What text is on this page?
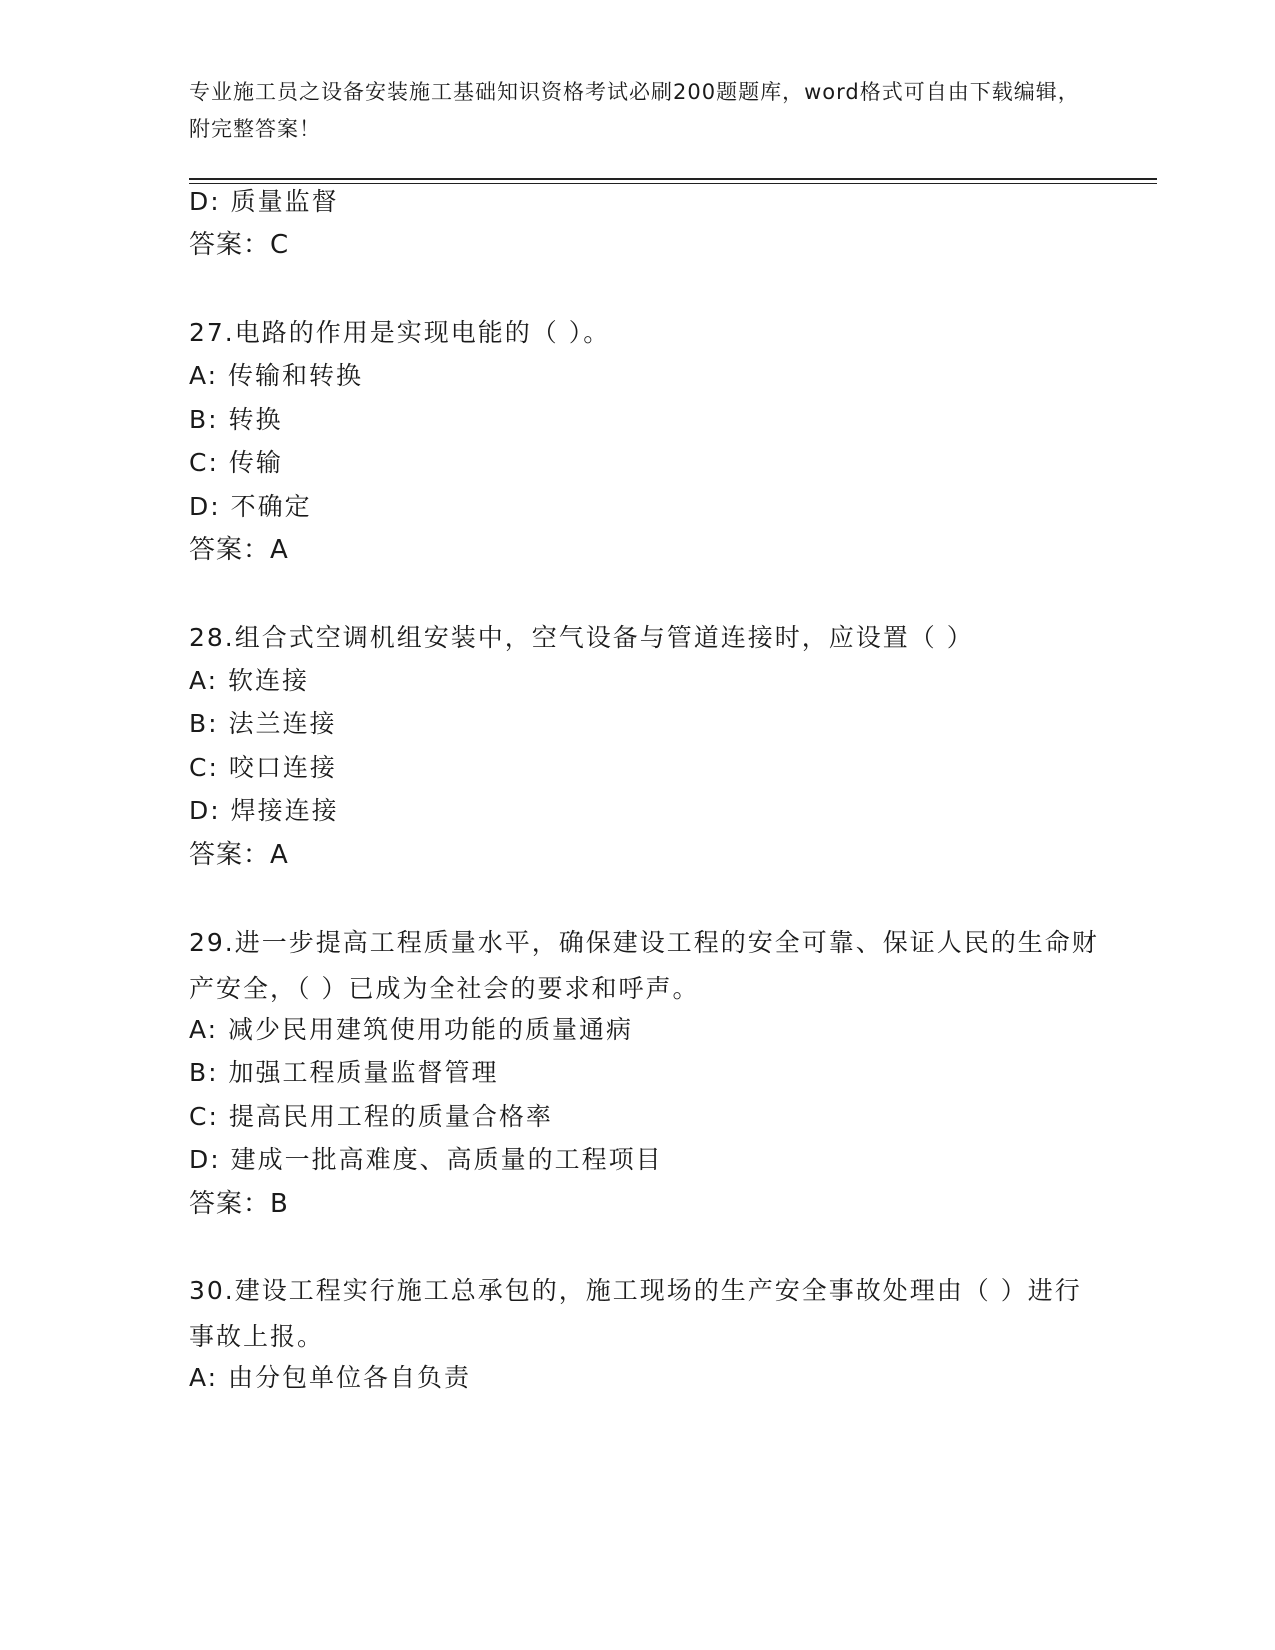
专业施工员之设备安装施工基础知识资格考试必刷200题题库，word格式可自由下载编辑，附完整答案！
D: 质量监督
答案：C
27.电路的作用是实现电能的（ ）。
A: 传输和转换
B: 转换
C: 传输
D: 不确定
答案：A
28.组合式空调机组安装中，空气设备与管道连接时，应设置（ ）
A: 软连接
B: 法兰连接
C: 咬口连接
D: 焊接连接
答案：A
29.进一步提高工程质量水平，确保建设工程的安全可靠、保证人民的生命财产安全，（ ）已成为全社会的要求和呼声。
A: 减少民用建筑使用功能的质量通病
B: 加强工程质量监督管理
C: 提高民用工程的质量合格率
D: 建成一批高难度、高质量的工程项目
答案：B
30.建设工程实行施工总承包的，施工现场的生产安全事故处理由（ ）进行事故上报。
A: 由分包单位各自负责
